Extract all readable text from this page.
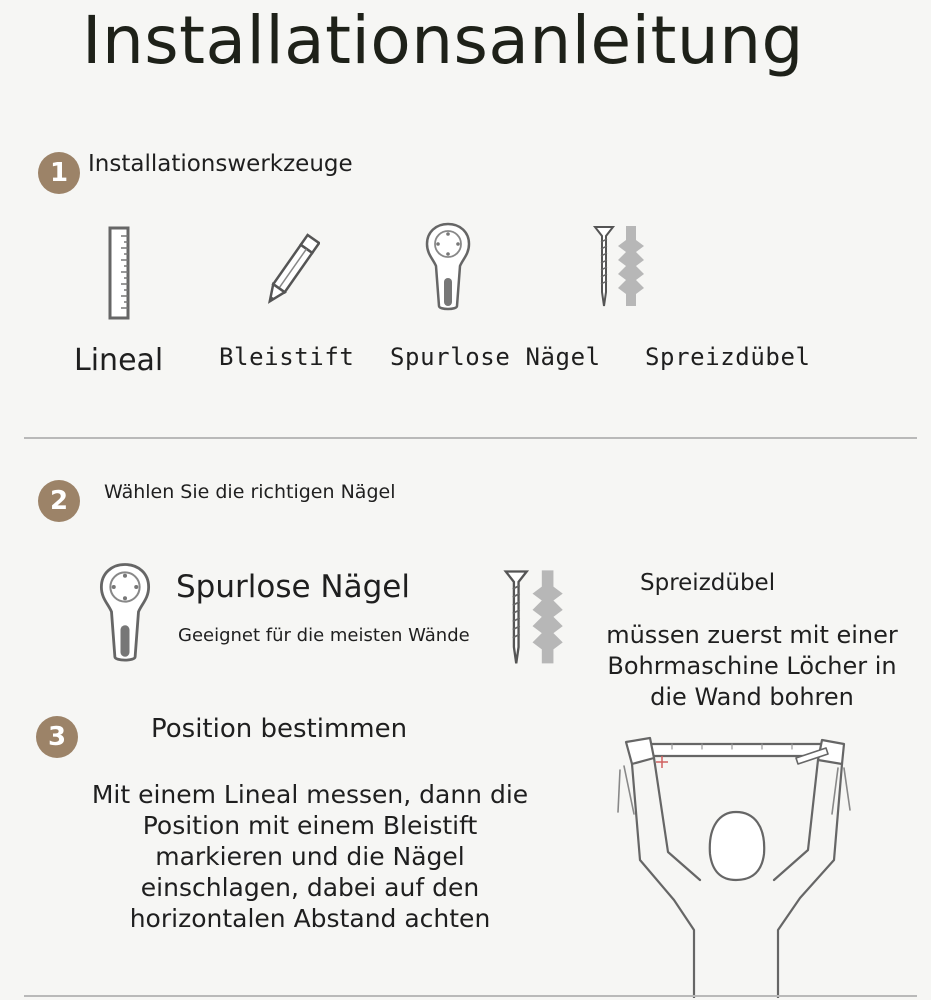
Installationsanleitung
1 Installationswerkzeuge
Lineal Bleistift Spurlose Nägel Spreizdübel
2	Wählen Sie die richtigen Nägel
Spurlose Nägel
Geeignet für die meisten Wände
Spreizdübel
müssen zuerst mit einer
Bohrmaschine Löcher in
die Wand bohren
3	Position bestimmen
Mit einem Lineal messen, dann die
Position mit einem Bleistift
markieren und die Nägel
einschlagen, dabei auf den
horizontalen Abstand achten
